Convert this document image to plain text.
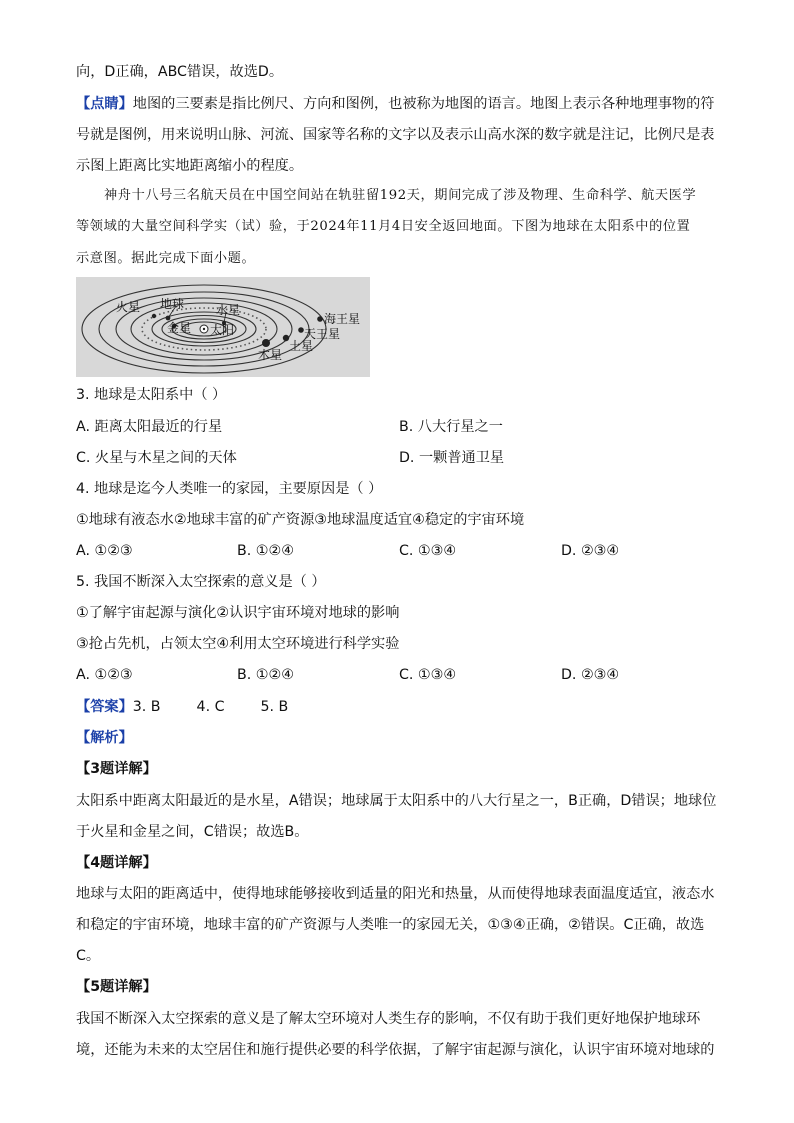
向，D正确，ABC错误，故选D。
【点睛】地图的三要素是指比例尺、方向和图例，也被称为地图的语言。地图上表示各种地理事物的符
号就是图例，用来说明山脉、河流、国家等名称的文字以及表示山高水深的数字就是注记，比例尺是表
示图上距离比实地距离缩小的程度。
神舟十八号三名航天员在中国空间站在轨驻留192天，期间完成了涉及物理、生命科学、航天医学
等领域的大量空间科学实（试）验，于2024年11月4日安全返回地面。下图为地球在太阳系中的位置
示意图。据此完成下面小题。
火星 地球	水星
金星 太阳
海王星
天王星
土星
木星
3. 地球是太阳系中（ ）
A. 距离太阳最近的行星	B. 八大行星之一
C. 火星与木星之间的天体	D. 一颗普通卫星
4. 地球是迄今人类唯一的家园，主要原因是（ ）
①地球有液态水②地球丰富的矿产资源③地球温度适宜④稳定的宇宙环境
A. ①②③	B. ①②④	C. ①③④	D. ②③④
5. 我国不断深入太空探索的意义是（ ）
①了解宇宙起源与演化②认识宇宙环境对地球的影响
③抢占先机，占领太空④利用太空环境进行科学实验
A. ①②③	B. ①②④	C. ①③④	D. ②③④
【答案】3. B	4. C	5. B
【解析】
【3题详解】
太阳系中距离太阳最近的是水星，A错误；地球属于太阳系中的八大行星之一，B正确，D错误；地球位
于火星和金星之间，C错误；故选B。
【4题详解】
地球与太阳的距离适中，使得地球能够接收到适量的阳光和热量，从而使得地球表面温度适宜，液态水
和稳定的宇宙环境，地球丰富的矿产资源与人类唯一的家园无关，①③④正确，②错误。C正确，故选
C。
【5题详解】
我国不断深入太空探索的意义是了解太空环境对人类生存的影响，不仅有助于我们更好地保护地球环
境，还能为未来的太空居住和施行提供必要的科学依据，了解宇宙起源与演化，认识宇宙环境对地球的
